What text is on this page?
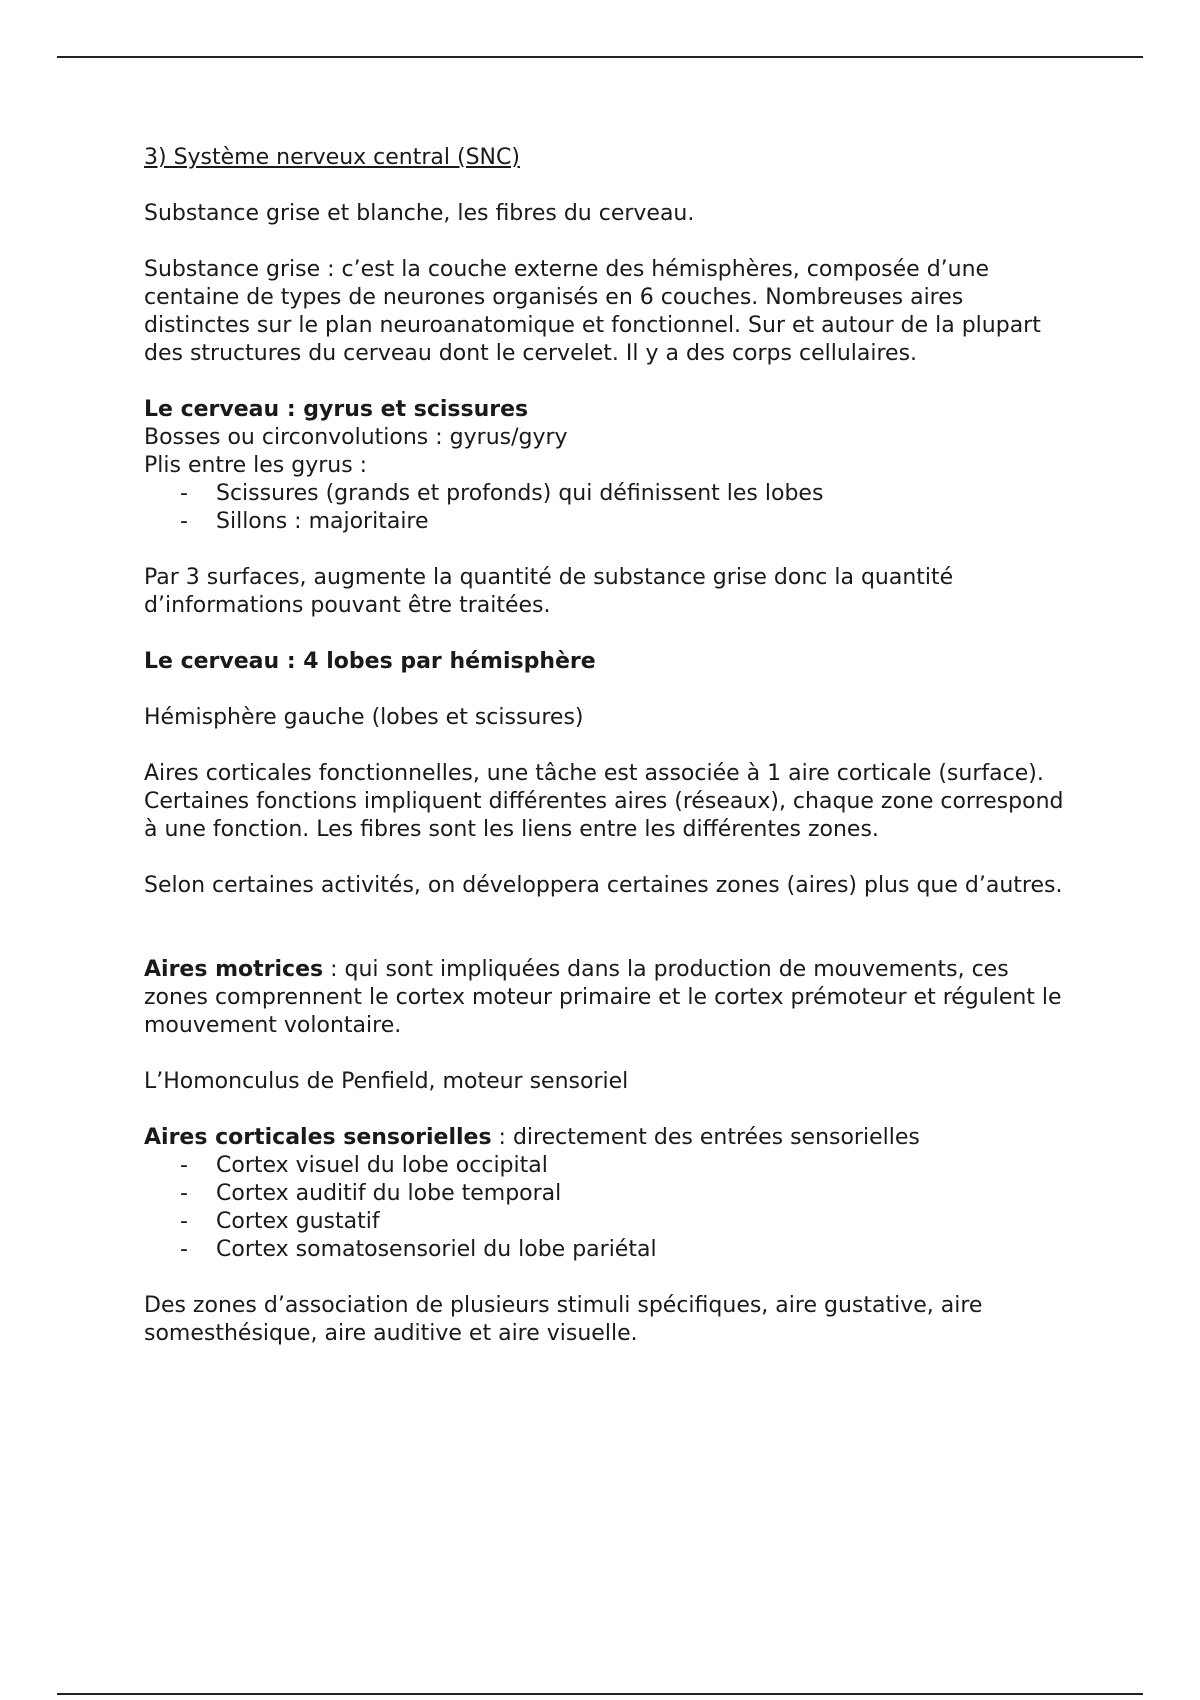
3) Système nerveux central (SNC)

Substance grise et blanche, les fibres du cerveau.

Substance grise : c’est la couche externe des hémisphères, composée d’une centaine de types de neurones organisés en 6 couches. Nombreuses aires distinctes sur le plan neuroanatomique et fonctionnel. Sur et autour de la plupart des structures du cerveau dont le cervelet. Il y a des corps cellulaires.

Le cerveau : gyrus et scissures

Bosses ou circonvolutions : gyrus/gyry

Plis entre les gyrus :

- Scissures (grands et profonds) qui définissent les lobes
- Sillons : majoritaire

Par 3 surfaces, augmente la quantité de substance grise donc la quantité d’informations pouvant être traitées.

Le cerveau : 4 lobes par hémisphère

Hémisphère gauche (lobes et scissures)

Aires corticales fonctionnelles, une tâche est associée à 1 aire corticale (surface). Certaines fonctions impliquent différentes aires (réseaux), chaque zone correspond à une fonction. Les fibres sont les liens entre les différentes zones.

Selon certaines activités, on développera certaines zones (aires) plus que d’autres.

Aires motrices : qui sont impliquées dans la production de mouvements, ces zones comprennent le cortex moteur primaire et le cortex prémoteur et régulent le mouvement volontaire.

L’Homonculus de Penfield, moteur sensoriel

Aires corticales sensorielles : directement des entrées sensorielles

- Cortex visuel du lobe occipital
- Cortex auditif du lobe temporal
- Cortex gustatif
- Cortex somatosensoriel du lobe pariétal

Des zones d’association de plusieurs stimuli spécifiques, aire gustative, aire somesthésique, aire auditive et aire visuelle.
